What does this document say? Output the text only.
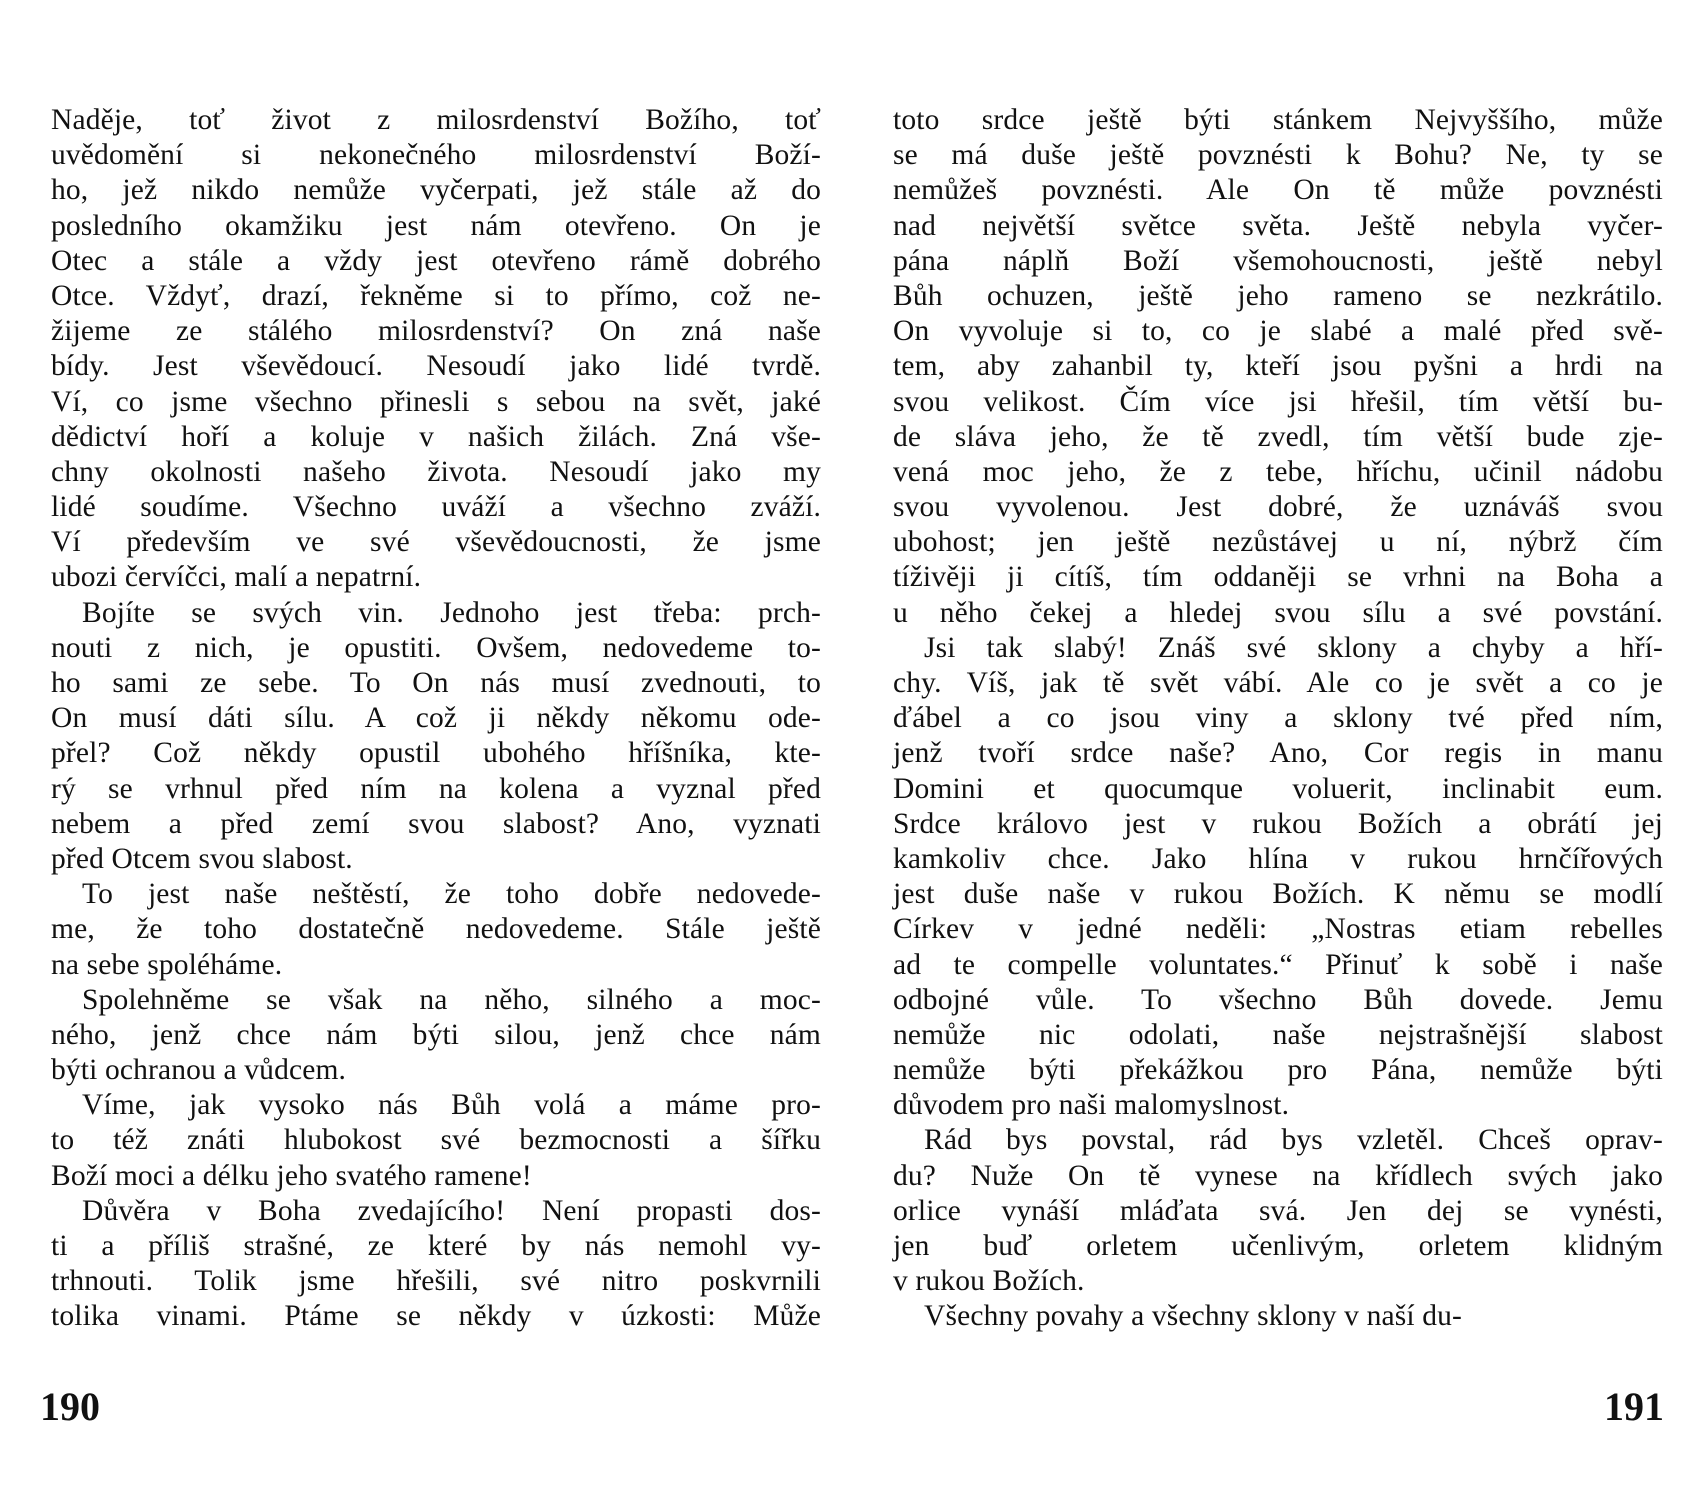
Naděje, toť život z milosrdenství Božího, toť
uvědomění si nekonečného milosrdenství Boží-
ho, jež nikdo nemůže vyčerpati, jež stále až do
posledního okamžiku jest nám otevřeno. On je
Otec a stále a vždy jest otevřeno rámě dobrého
Otce. Vždyť, drazí, řekněme si to přímo, což ne-
žijeme ze stálého milosrdenství? On zná naše
bídy. Jest vševědoucí. Nesoudí jako lidé tvrdě.
Ví, co jsme všechno přinesli s sebou na svět, jaké
dědictví hoří a koluje v našich žilách. Zná vše-
chny okolnosti našeho života. Nesoudí jako my
lidé soudíme. Všechno uváží a všechno zváží.
Ví především ve své vševědoucnosti, že jsme
ubozi červíčci, malí a nepatrní.
Bojíte se svých vin. Jednoho jest třeba: prch-
nouti z nich, je opustiti. Ovšem, nedovedeme to-
ho sami ze sebe. To On nás musí zvednouti, to
On musí dáti sílu. A což ji někdy někomu ode-
přel? Což někdy opustil ubohého hříšníka, kte-
rý se vrhnul před ním na kolena a vyznal před
nebem a před zemí svou slabost? Ano, vyznati
před Otcem svou slabost.
To jest naše neštěstí, že toho dobře nedovede-
me, že toho dostatečně nedovedeme. Stále ještě
na sebe spoléháme.
Spolehněme se však na něho, silného a moc-
ného, jenž chce nám býti silou, jenž chce nám
býti ochranou a vůdcem.
Víme, jak vysoko nás Bůh volá a máme pro-
to též znáti hlubokost své bezmocnosti a šířku
Boží moci a délku jeho svatého ramene!
Důvěra v Boha zvedajícího! Není propasti dos-
ti a příliš strašné, ze které by nás nemohl vy-
trhnouti. Tolik jsme hřešili, své nitro poskvrnili
tolika vinami. Ptáme se někdy v úzkosti: Může
toto srdce ještě býti stánkem Nejvyššího, může
se má duše ještě povznésti k Bohu? Ne, ty se
nemůžeš povznésti. Ale On tě může povznésti
nad největší světce světa. Ještě nebyla vyčer-
pána náplň Boží všemohoucnosti, ještě nebyl
Bůh ochuzen, ještě jeho rameno se nezkrátilo.
On vyvoluje si to, co je slabé a malé před svě-
tem, aby zahanbil ty, kteří jsou pyšni a hrdi na
svou velikost. Čím více jsi hřešil, tím větší bu-
de sláva jeho, že tě zvedl, tím větší bude zje-
vená moc jeho, že z tebe, hříchu, učinil nádobu
svou vyvolenou. Jest dobré, že uznáváš svou
ubohost; jen ještě nezůstávej u ní, nýbrž čím
tíživěji ji cítíš, tím oddaněji se vrhni na Boha a
u něho čekej a hledej svou sílu a své povstání.
Jsi tak slabý! Znáš své sklony a chyby a hří-
chy. Víš, jak tě svět vábí. Ale co je svět a co je
ďábel a co jsou viny a sklony tvé před ním,
jenž tvoří srdce naše? Ano, Cor regis in manu
Domini et quocumque voluerit, inclinabit eum.
Srdce královo jest v rukou Božích a obrátí jej
kamkoliv chce. Jako hlína v rukou hrnčířových
jest duše naše v rukou Božích. K němu se modlí
Církev v jedné neděli: „Nostras etiam rebelles
ad te compelle voluntates.“ Přinuť k sobě i naše
odbojné vůle. To všechno Bůh dovede. Jemu
nemůže nic odolati, naše nejstrašnější slabost
nemůže býti překážkou pro Pána, nemůže býti
důvodem pro naši malomyslnost.
Rád bys povstal, rád bys vzletěl. Chceš oprav-
du? Nuže On tě vynese na křídlech svých jako
orlice vynáší mláďata svá. Jen dej se vynésti,
jen buď orletem učenlivým, orletem klidným
v rukou Božích.
Všechny povahy a všechny sklony v naší du-
190	191
